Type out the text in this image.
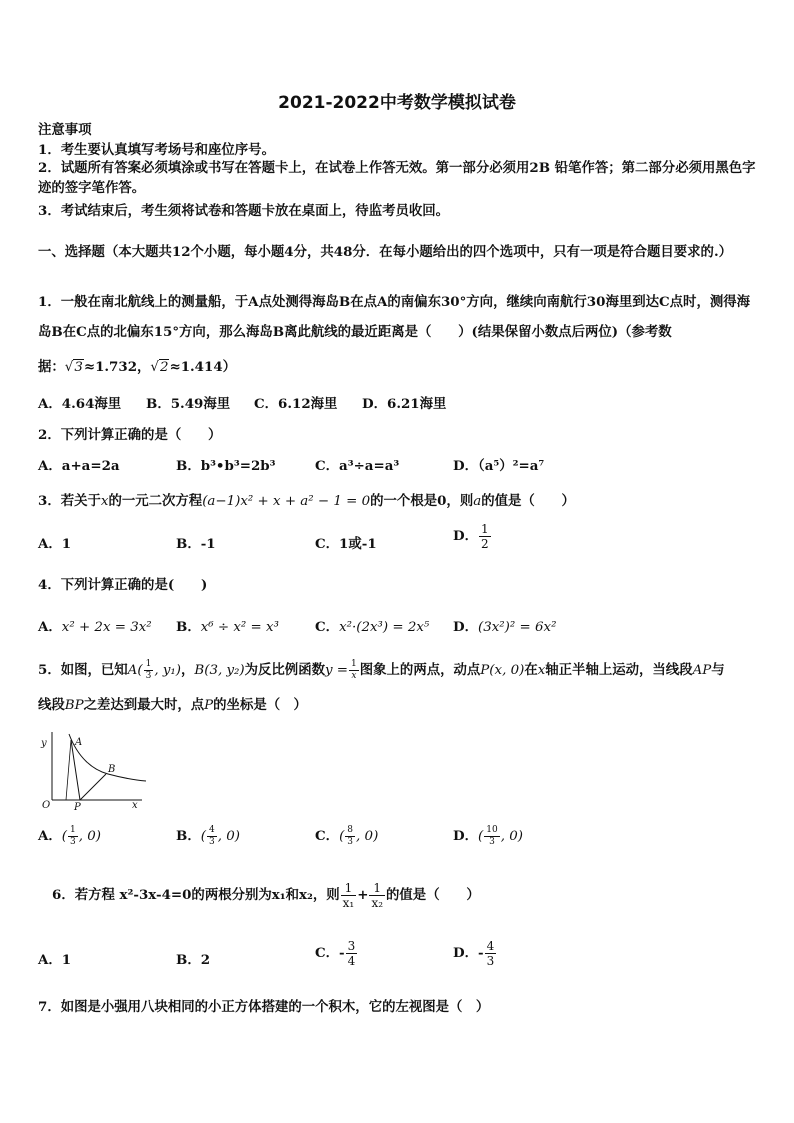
2021-2022中考数学模拟试卷
注意事项
1．考生要认真填写考场号和座位序号。
2．试题所有答案必须填涂或书写在答题卡上，在试卷上作答无效。第一部分必须用2B 铅笔作答；第二部分必须用黑色字迹的签字笔作答。
3．考试结束后，考生须将试卷和答题卡放在桌面上，待监考员收回。
一、选择题（本大题共12个小题，每小题4分，共48分．在每小题给出的四个选项中，只有一项是符合题目要求的.）
1．一般在南北航线上的测量船，于A点处测得海岛B在点A的南偏东30°方向，继续向南航行30海里到达C点时，测得海岛B在C点的北偏东15°方向，那么海岛B离此航线的最近距离是（　　）(结果保留小数点后两位)（参考数
据：√3≈1.732，√2≈1.414）
A．4.64海里 B．5.49海里 C．6.12海里 D．6.21海里
2．下列计算正确的是（　　）
A．a+a=2a	B．b³•b³=2b³	C．a³÷a=a³	D．（a⁵）²=a⁷
3．若关于x的一元二次方程(a−1)x² + x + a² − 1 = 0的一个根是0，则a的值是（　　）
A．1	B．-1	C．1或-1	D． $\frac{1}{2}$
4．下列计算正确的是(　　)
A．x² + 2x = 3x² B．x⁶ ÷ x² = x³	C．x²·(2x³) = 2x⁵ D．(3x²)² = 6x²
5．如图，已知$A( \frac{1}{3}$ , y₁)，B(3, y₂)为反比例函数$y = \frac{1}{x}$ 图象上的两点，动点P(x, 0)在x轴正半轴上运动，当线段AP与
线段BP之差达到最大时，点P的坐标是（　）
y	A
B
O P	x
A．( $\frac{1}{3}$ , 0)	B．( $\frac{4}{3}$ , 0)	C．( $\frac{8}{3}$ , 0)	D．( $\frac{10}{3}$ , 0)
6．若方程 x²-3x-4=0的两根分别为x₁和x₂，则 $\frac{1}{\text{x₁}} + \frac{1}{\text{x₂}}$ 的值是（　　）
A．1	B．2	C．- $\frac{3}{4}$	D．- $\frac{4}{3}$
7．如图是小强用八块相同的小正方体搭建的一个积木，它的左视图是（　）
